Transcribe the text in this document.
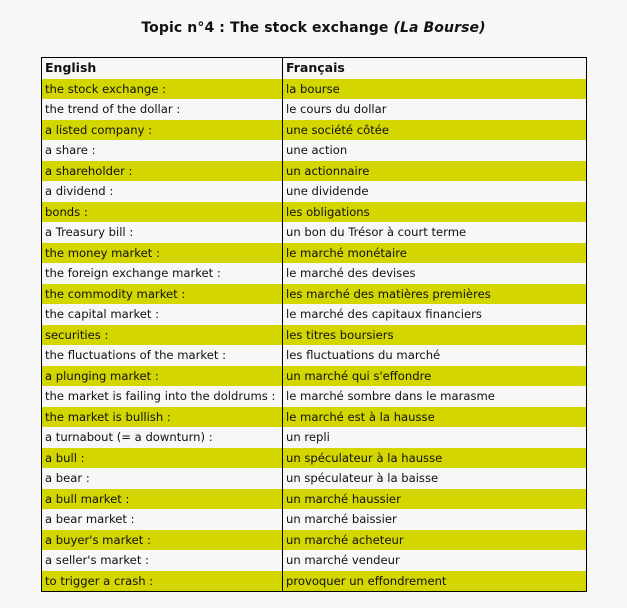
Topic n°4 : The stock exchange (La Bourse)
English	Français
the stock exchange :	la bourse
the trend of the dollar :	le cours du dollar
a listed company :	une société côtée
a share :	une action
a shareholder :	un actionnaire
a dividend :	une dividende
bonds :	les obligations
a Treasury bill :	un bon du Trésor à court terme
the money market :	le marché monétaire
the foreign exchange market :	le marché des devises
the commodity market :	les marché des matières premières
the capital market :	le marché des capitaux financiers
securities :	les titres boursiers
the fluctuations of the market :	les fluctuations du marché
a plunging market :	un marché qui s'effondre
the market is failing into the doldrums :	le marché sombre dans le marasme
the market is bullish :	le marché est à la hausse
a turnabout (= a downturn) :	un repli
a bull :	un spéculateur à la hausse
a bear :	un spéculateur à la baisse
a bull market :	un marché haussier
a bear market :	un marché baissier
a buyer's market :	un marché acheteur
a seller's market :	un marché vendeur
to trigger a crash :	provoquer un effondrement
